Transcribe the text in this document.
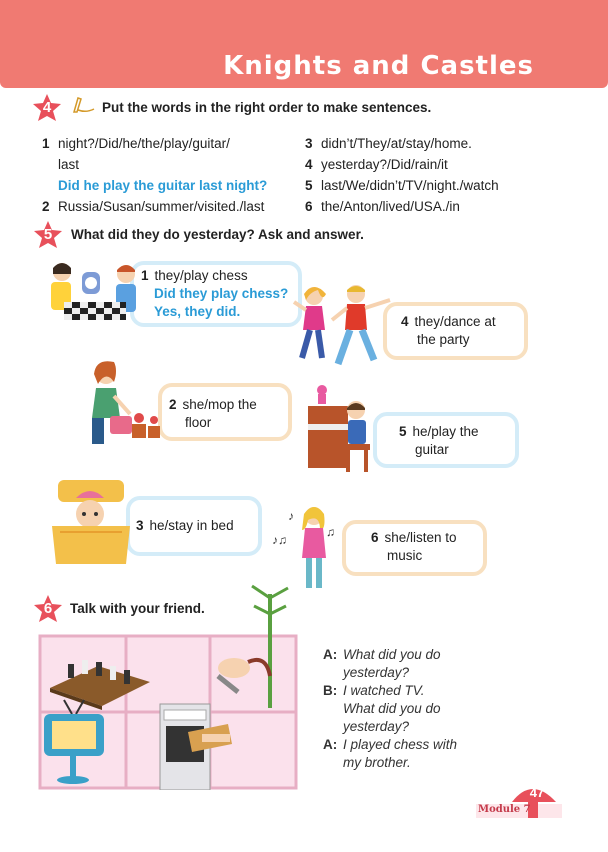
Knights and Castles
4	Put the words in the right order to make sentences.
1 night?/Did/he/the/play/guitar/
last
Did he play the guitar last night?
2 Russia/Susan/summer/visited./last
3 didn’t/They/at/stay/home.
4 yesterday?/Did/rain/it
5 last/We/didn’t/TV/night./watch
6 the/Anton/lived/USA./in
5	What did they do yesterday? Ask and answer.
1 they/play chess
Did they play chess?
Yes, they did.
4 they/dance at
the party
2 she/mop the
floor
5 he/play the
guitar
3 he/stay in bed
6 she/listen to
music
♪♫
♪
♫
6	Talk with your friend.
A: What did you do
yesterday?
B: I watched TV.
What did you do
yesterday?
A: I played chess with
my brother.
47
Module 7
